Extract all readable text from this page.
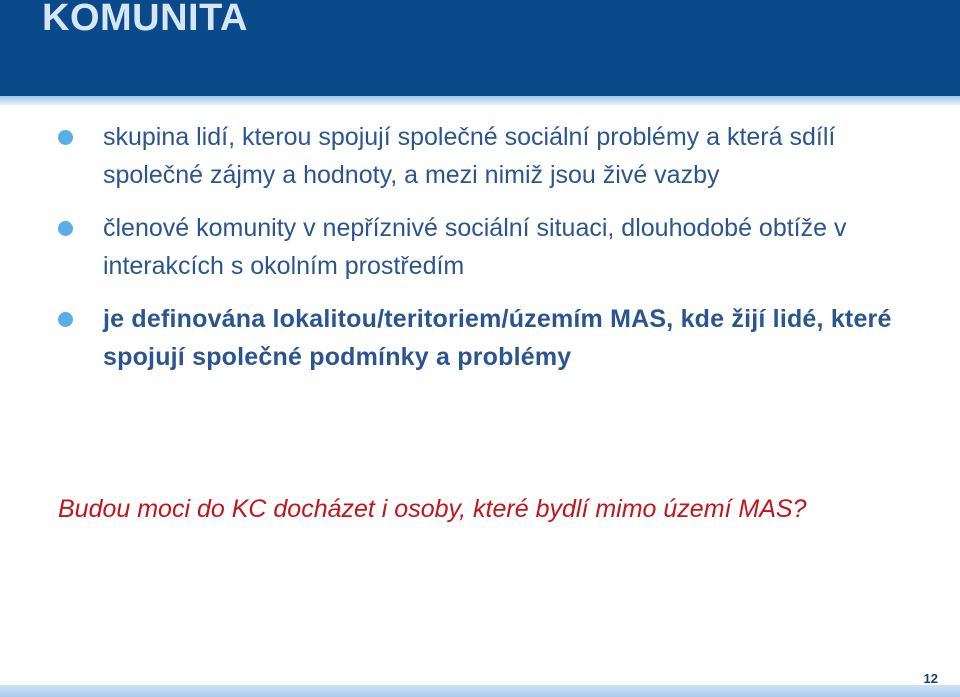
KOMUNITA
skupina lidí, kterou spojují společné sociální problémy a která sdílí společné zájmy a hodnoty, a mezi nimiž jsou živé vazby
členové komunity v nepříznivé sociální situaci, dlouhodobé obtíže v interakcích s okolním prostředím
je definována lokalitou/teritoriem/územím MAS, kde žijí lidé, které spojují společné podmínky a problémy
Budou moci do KC docházet i osoby, které bydlí mimo území MAS?
12
